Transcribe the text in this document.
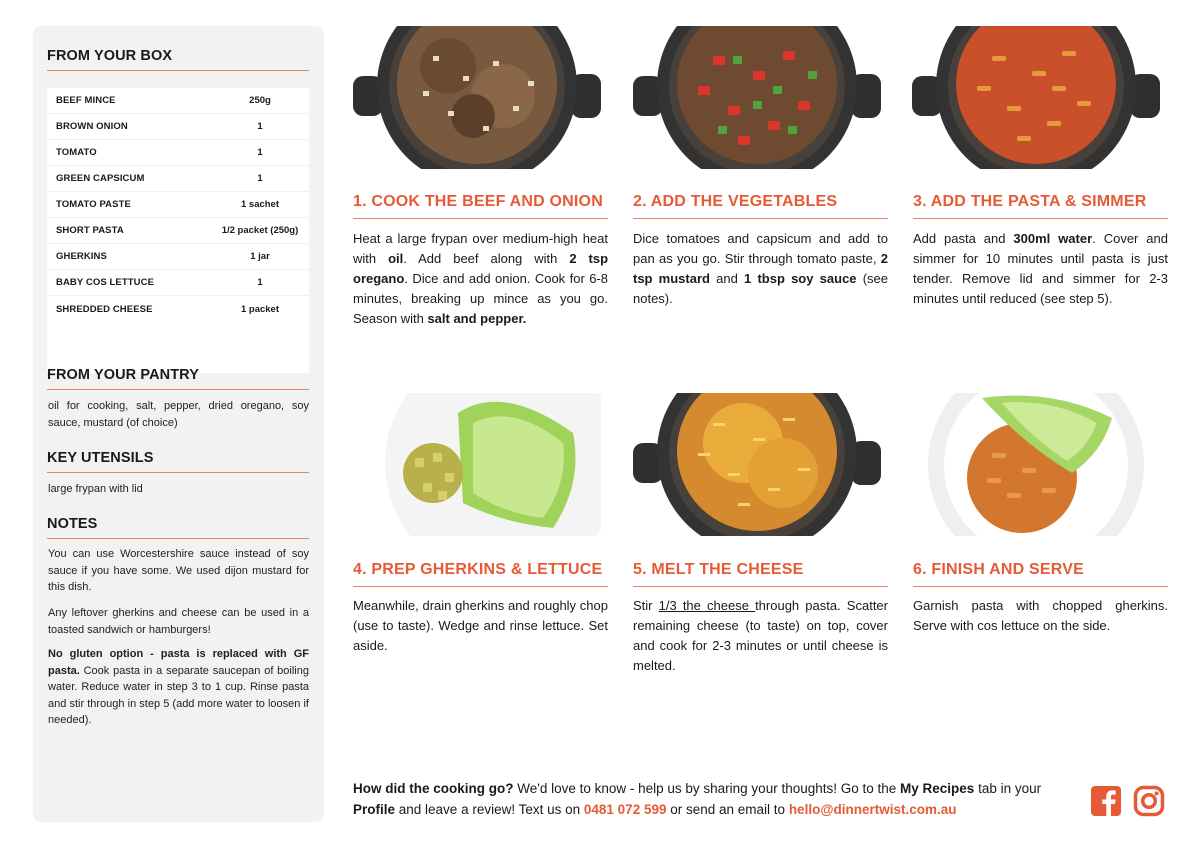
FROM YOUR BOX
BEEF MINCE	250g
BROWN ONION	1
TOMATO	1
GREEN CAPSICUM	1
TOMATO PASTE	1 sachet
SHORT PASTA	1/2 packet (250g)
GHERKINS	1 jar
BABY COS LETTUCE	1
SHREDDED CHEESE	1 packet
FROM YOUR PANTRY
oil for cooking, salt, pepper, dried oregano, soy sauce, mustard (of choice)
KEY UTENSILS
large frypan with lid
NOTES
You can use Worcestershire sauce instead of soy sauce if you have some. We used dijon mustard for this dish.
Any leftover gherkins and cheese can be used in a toasted sandwich or hamburgers!
No gluten option - pasta is replaced with GF pasta. Cook pasta in a separate saucepan of boiling water. Reduce water in step 3 to 1 cup. Rinse pasta and stir through in step 5 (add more water to loosen if needed).
1. COOK THE BEEF AND ONION
Heat a large frypan over medium-high heat with oil. Add beef along with 2 tsp oregano. Dice and add onion. Cook for 6-8 minutes, breaking up mince as you go. Season with salt and pepper.
2. ADD THE VEGETABLES
Dice tomatoes and capsicum and add to pan as you go. Stir through tomato paste, 2 tsp mustard and 1 tbsp soy sauce (see notes).
3. ADD THE PASTA & SIMMER
Add pasta and 300ml water. Cover and simmer for 10 minutes until pasta is just tender. Remove lid and simmer for 2-3 minutes until reduced (see step 5).
4. PREP GHERKINS & LETTUCE
Meanwhile, drain gherkins and roughly chop (use to taste). Wedge and rinse lettuce. Set aside.
5. MELT THE CHEESE
Stir 1/3 the cheese through pasta. Scatter remaining cheese (to taste) on top, cover and cook for 2-3 minutes or until cheese is melted.
6. FINISH AND SERVE
Garnish pasta with chopped gherkins. Serve with cos lettuce on the side.
How did the cooking go? We'd love to know - help us by sharing your thoughts! Go to the My Recipes tab in your Profile and leave a review! Text us on 0481 072 599 or send an email to hello@dinnertwist.com.au
